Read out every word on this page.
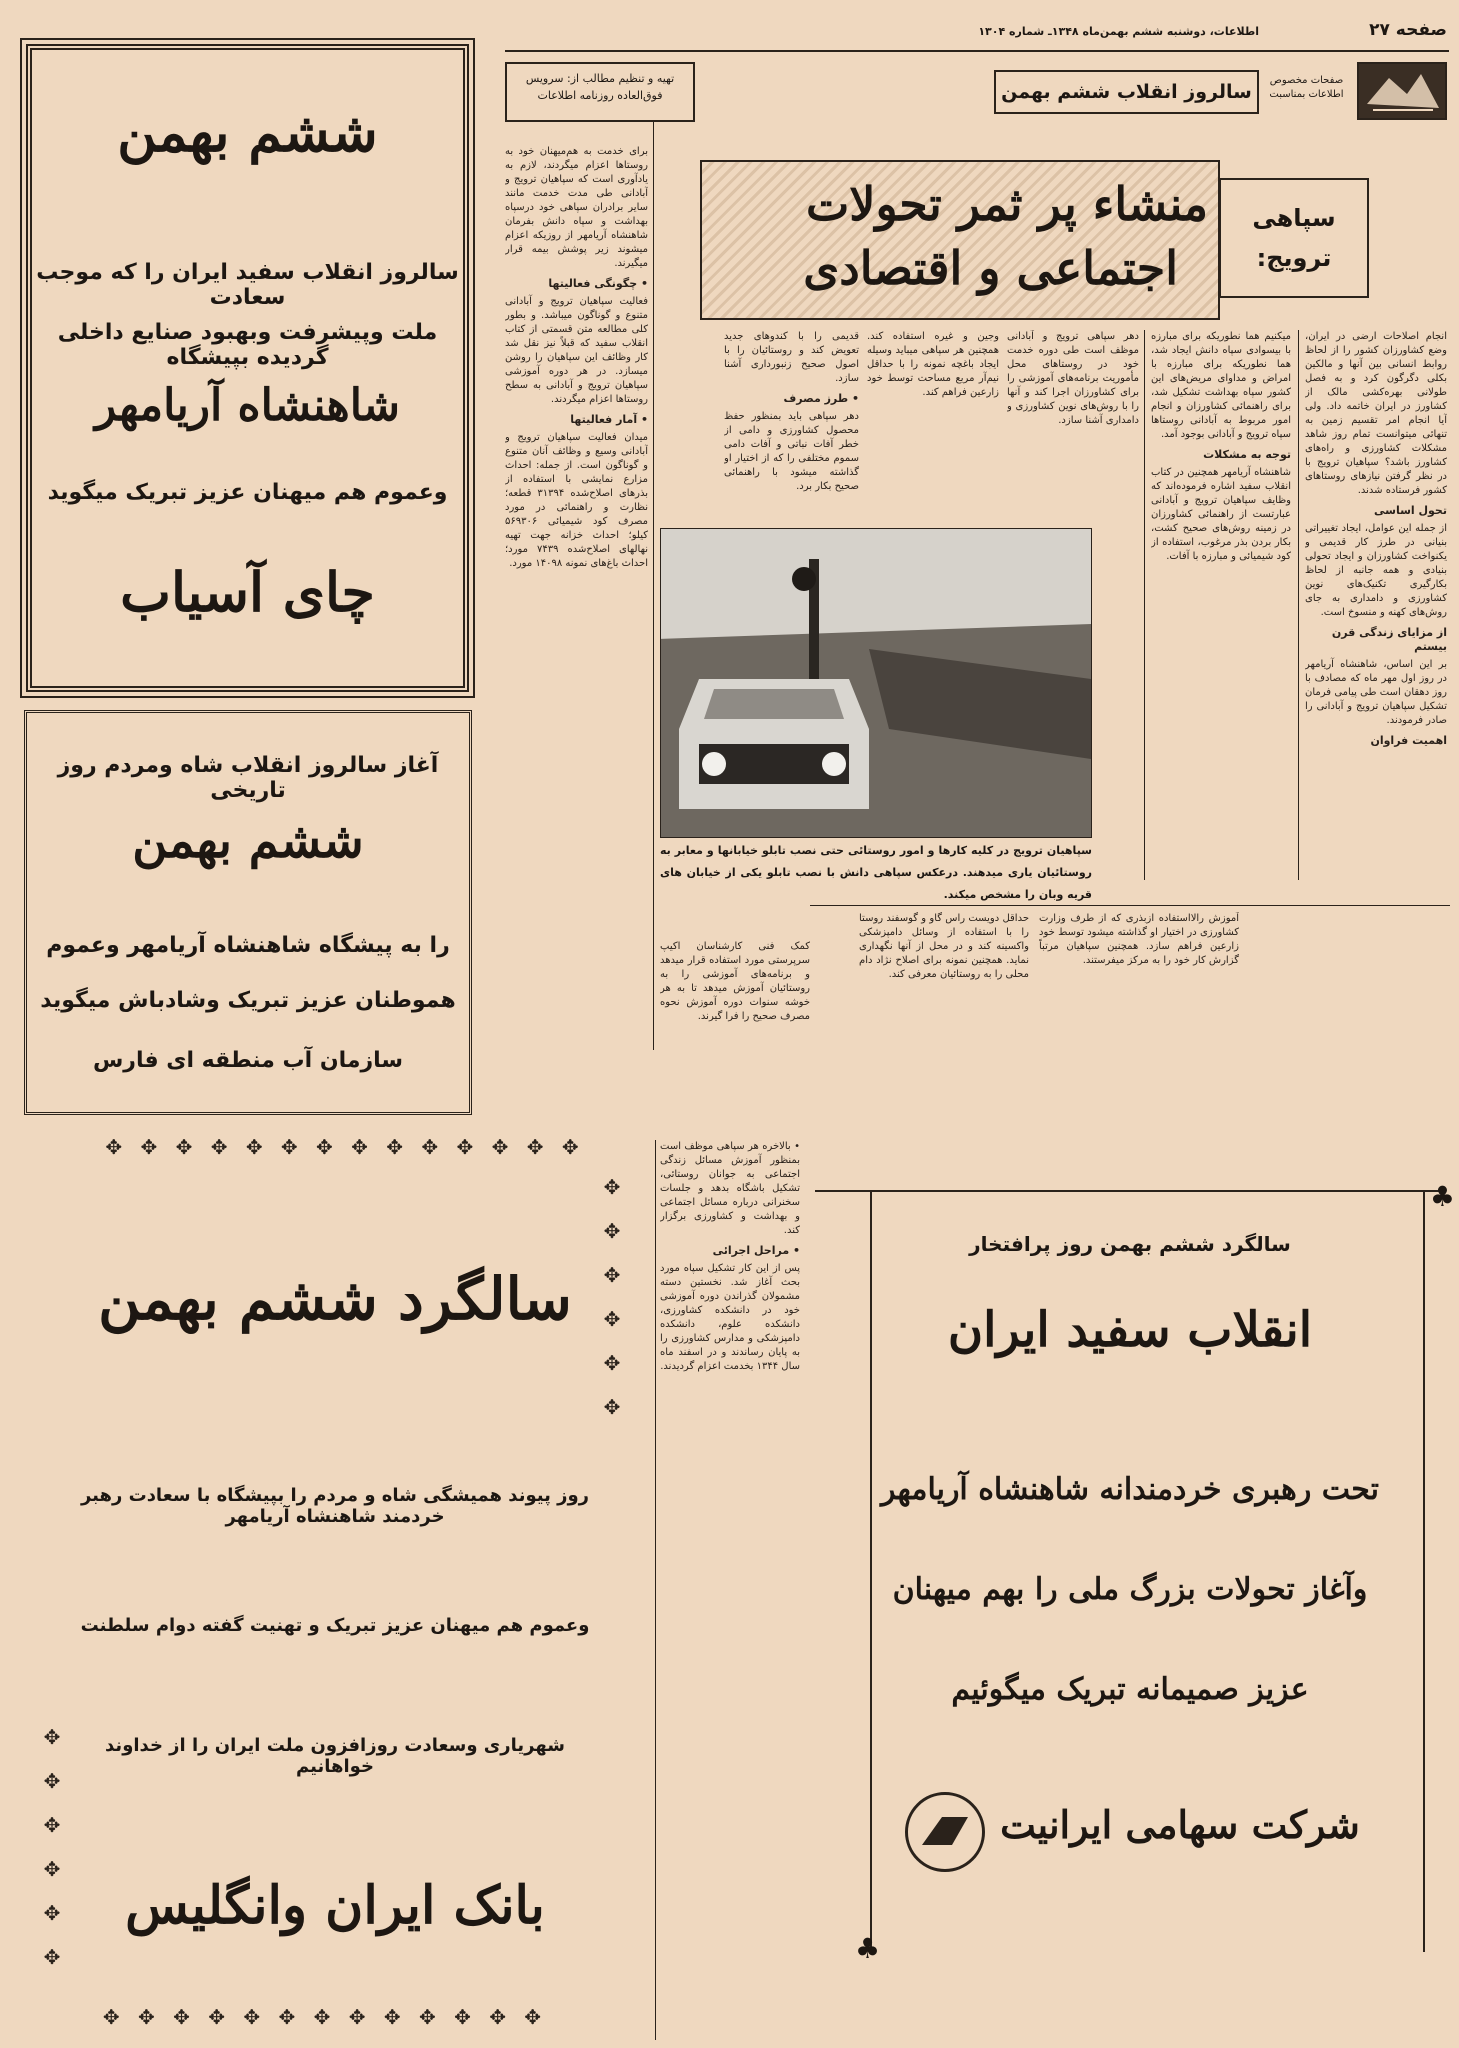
صفحه ۲۷
اطلاعات، دوشنبه ششم بهمن‌ماه ۱۳۴۸ـ شماره ۱۳۰۴
صفحات مخصوص اطلاعات بمناسبت
سالروز انقلاب ششم بهمن
تهیه و تنظیم مطالب از: سرویس فوق‌العاده روزنامه اطلاعات
منشاء پر ثمر تحولات
اجتماعی و اقتصادی
سپاهی ترویج:

انجام اصلاحات ارضی در ایران، وضع کشاورزان کشور را از لحاظ روابط انسانی بین آنها و مالکین بکلی دگرگون کرد و به فصل طولانی بهره‌کشی مالک از کشاورز در ایران خاتمه داد. ولی آیا انجام امر تقسیم زمین به تنهائی میتوانست تمام روز شاهد مشکلات کشاورزی و راه‌های کشاورز باشد؟ سپاهیان ترویج با در نظر گرفتن نیازهای روستاهای کشور فرستاده شدند.

تحول اساسی

از جمله این عوامل، ایجاد تغییراتی بنیانی در طرز کار قدیمی و یکنواخت کشاورزان و ایجاد تحولی بنیادی و همه جانبه از لحاظ بکارگیری تکنیک‌های نوین کشاورزی و دامداری به جای روش‌های کهنه و منسوخ است.

از مزایای زندگی قرن بیستم

بر این اساس، شاهنشاه آریامهر در روز اول مهر ماه که مصادف با روز دهقان است طی پیامی فرمان تشکیل سپاهیان ترویج و آبادانی را صادر فرمودند.

اهمیت فراوان

میکنیم هما نطوریکه برای مبارزه با بیسوادی سپاه دانش ایجاد شد، هما نطوریکه برای مبارزه با امراض و مداوای مریض‌های این کشور سپاه بهداشت تشکیل شد، برای راهنمائی کشاورزان و انجام امور مربوط به آبادانی روستاها سپاه ترویج و آبادانی بوجود آمد.

توجه به مشکلات

شاهنشاه آریامهر همچنین در کتاب انقلاب سفید اشاره فرموده‌اند که وظایف سپاهیان ترویج و آبادانی عبارتست از راهنمائی کشاورزان در زمینه روش‌های صحیح کشت، بکار بردن بذر مرغوب، استفاده از کود شیمیائی و مبارزه با آفات.

دهر سپاهی ترویج و آبادانی موظف است طی دوره خدمت خود در روستاهای محل مأموریت برنامه‌های آموزشی را برای کشاورزان اجرا کند و آنها را با روش‌های نوین کشاورزی و دامداری آشنا سازد.

وجین و غیره استفاده کند. همچنین هر سپاهی میباید وسیله ایجاد باغچه نمونه را با حداقل نیم‌آر مربع مساحت توسط خود زارعین فراهم کند.

قدیمی را با کندوهای جدید تعویض کند و روستائیان را با اصول صحیح زنبورداری آشنا سازد.

• طرز مصرف

دهر سپاهی باید بمنظور حفظ محصول کشاورزی و دامی از خطر آفات نباتی و آفات دامی سموم مختلفی را که از اختیار او گذاشته میشود با راهنمائی صحیح بکار برد.

سپاهیان ترویج در کلیه کارها و امور روستائی حتی نصب تابلو خیابانها و معابر به روستائیان یاری میدهند. درعکس سپاهی دانش با نصب تابلو یکی از خیابان های قریه وبان را مشخص میکند.

برای خدمت به هم‌میهنان خود به روستاها اعزام میگردند، لازم به یادآوری است که سپاهیان ترویج و آبادانی طی مدت خدمت مانند سایر برادران سپاهی خود درسپاه بهداشت و سپاه دانش بفرمان شاهنشاه آریامهر از روزیکه اعزام میشوند زیر پوشش بیمه قرار میگیرند.

• چگونگی فعالیتها

فعالیت سپاهیان ترویج و آبادانی متنوع و گوناگون میباشد. و بطور کلی مطالعه متن قسمتی از کتاب انقلاب سفید که قبلاً نیز نقل شد کار وظائف این سپاهیان را روشن میسازد. در هر دوره آموزشی سپاهیان ترویج و آبادانی به سطح روستاها اعزام میگردند.

• آمار فعالیتها

میدان فعالیت سپاهیان ترویج و آبادانی وسیع و وظائف آنان متنوع و گوناگون است. از جمله: احداث مزارع نمایشی با استفاده از بذرهای اصلاح‌شده ۳۱۳۹۴ قطعه؛ نظارت و راهنمائی در مورد مصرف کود شیمیائی ۵۶۹۳۰۶ کیلو؛ احداث خزانه جهت تهیه نهالهای اصلاح‌شده ۷۴۳۹ مورد؛ احداث باغ‌های نمونه ۱۴۰۹۸ مورد.

آموزش رالااستفاده ازبذری که از طرف وزارت کشاورزی در اختیار او گذاشته میشود توسط خود زارعین فراهم سازد. همچنین سپاهیان مرتباً گزارش کار خود را به مرکز میفرستند.

حداقل دویست راس گاو و گوسفند روستا را با استفاده از وسائل دامپزشکی واکسینه کند و در محل از آنها نگهداری نماید. همچنین نمونه برای اصلاح نژاد دام محلی را به روستائیان معرفی کند.

کمک فنی کارشناسان اکیپ سرپرستی مورد استفاده قرار میدهد و برنامه‌های آموزشی را به روستائیان آموزش میدهد تا به هر خوشه سنوات دوره آموزش نحوه مصرف صحیح را فرا گیرند.

• بالاخره هر سپاهی موظف است بمنظور آموزش مسائل زندگی اجتماعی به جوانان روستائی، تشکیل باشگاه بدهد و جلسات سخنرانی درباره مسائل اجتماعی و بهداشت و کشاورزی برگزار کند.

• مراحل اجرائی

پس از این کار تشکیل سپاه مورد بحث آغاز شد. نخستین دسته مشمولان گذراندن دوره آموزشی خود در دانشکده کشاورزی، دانشکده علوم، دانشکده دامپزشکی و مدارس کشاورزی را به پایان رساندند و در اسفند ماه سال ۱۳۴۴ بخدمت اعزام گردیدند.

ششم بهمن
سالروز انقلاب سفید ایران را که موجب سعادت
ملت وپیشرفت وبهبود صنایع داخلی گردیده بپیشگاه
شاهنشاه آریامهر
وعموم هم میهنان عزیز تبریک میگوید
چای آسیاب
آغاز سالروز انقلاب شاه ومردم روز تاریخی
ششم بهمن
را به پیشگاه شاهنشاه آریامهر وعموم
هموطنان عزیز تبریک وشادباش میگوید
سازمان آب منطقه ای فارس
✥ ✥ ✥ ✥ ✥ ✥ ✥ ✥ ✥ ✥ ✥ ✥ ✥ ✥
✥ ✥ ✥ ✥ ✥ ✥
✥ ✥ ✥ ✥ ✥ ✥
✥ ✥ ✥ ✥ ✥ ✥ ✥ ✥ ✥ ✥ ✥ ✥ ✥
سالگرد ششم بهمن
روز پیوند همیشگی شاه و مردم را بپیشگاه با سعادت رهبر خردمند شاهنشاه آریامهر
وعموم هم میهنان عزیز تبریک و تهنیت گفته دوام سلطنت
شهریاری وسعادت روزافزون ملت ایران را از خداوند خواهانیم
بانک ایران وانگلیس
♣
♣
سالگرد ششم بهمن روز پرافتخار
انقلاب سفید ایران
تحت رهبری خردمندانه شاهنشاه آریامهر
وآغاز تحولات بزرگ ملی را بهم میهنان
عزیز صمیمانه تبریک میگوئیم
شرکت سهامی ایرانیت
